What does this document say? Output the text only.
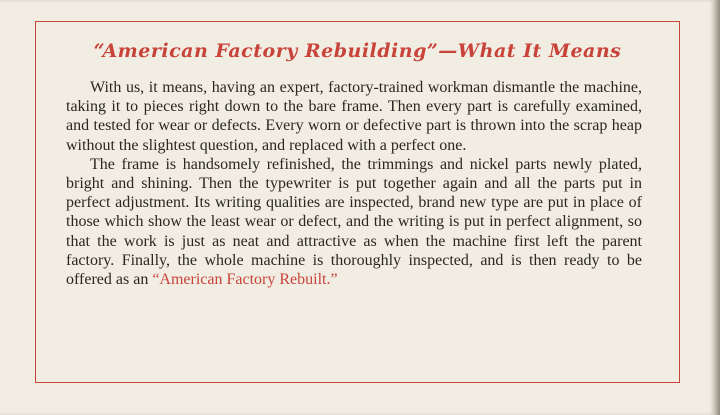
“American Factory Rebuilding”—What It Means

With us, it means, having an expert, factory-trained workman dismantle the machine, taking it to pieces right down to the bare frame. Then every part is carefully examined, and tested for wear or defects. Every worn or defective part is thrown into the scrap heap without the slightest question, and replaced with a perfect one.

The frame is handsomely refinished, the trimmings and nickel parts newly plated, bright and shining. Then the typewriter is put together again and all the parts put in perfect adjustment. Its writing qualities are inspected, brand new type are put in place of those which show the least wear or defect, and the writing is put in perfect alignment, so that the work is just as neat and attractive as when the machine first left the parent factory. Finally, the whole machine is thoroughly inspected, and is then ready to be offered as an “American Factory Rebuilt.”
